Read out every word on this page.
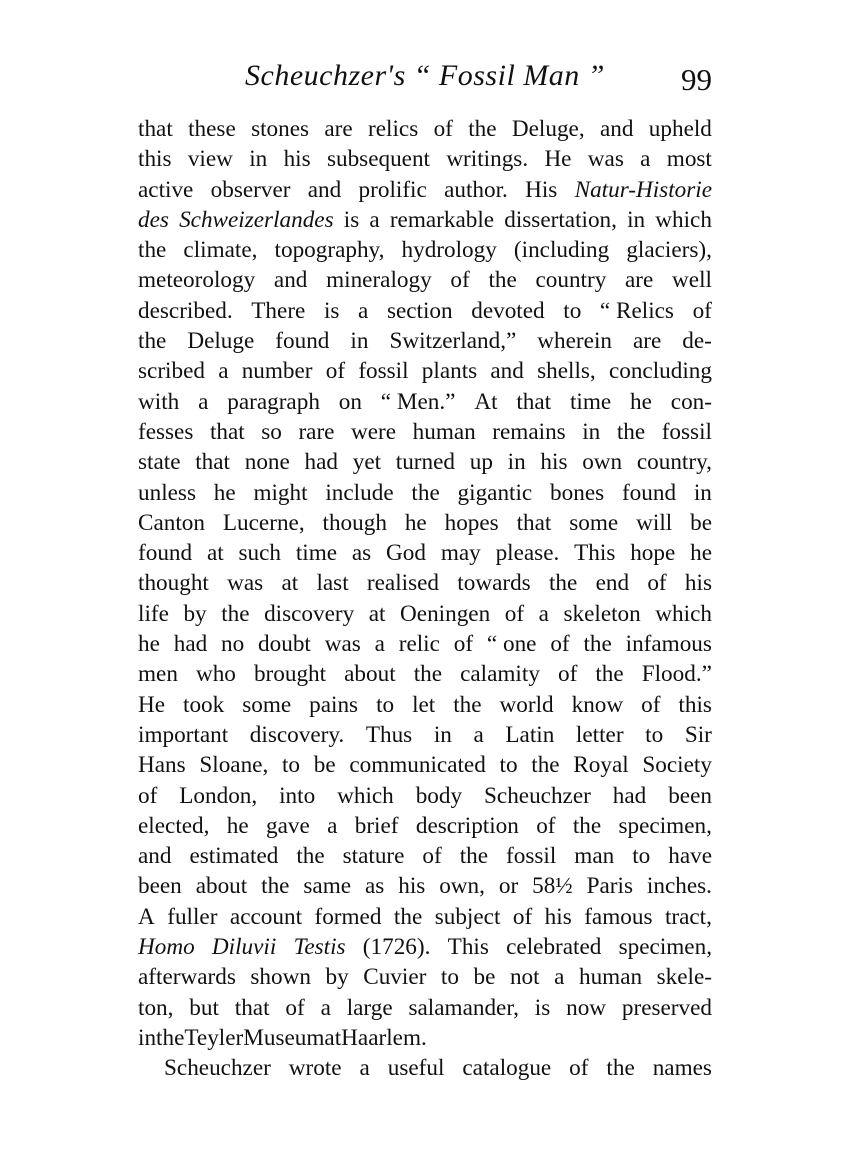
Scheuchzer's “ Fossil Man ”	99
that these stones are relics of the Deluge, and upheld
this view in his subsequent writings. He was a most
active observer and prolific author. His Natur-Historie
des Schweizerlandes is a remarkable dissertation, in which
the climate, topography, hydrology (including glaciers),
meteorology and mineralogy of the country are well
described. There is a section devoted to “ Relics of
the Deluge found in Switzerland,” wherein are de-
scribed a number of fossil plants and shells, concluding
with a paragraph on “ Men.” At that time he con-
fesses that so rare were human remains in the fossil
state that none had yet turned up in his own country,
unless he might include the gigantic bones found in
Canton Lucerne, though he hopes that some will be
found at such time as God may please. This hope he
thought was at last realised towards the end of his
life by the discovery at Oeningen of a skeleton which
he had no doubt was a relic of “ one of the infamous
men who brought about the calamity of the Flood.”
He took some pains to let the world know of this
important discovery. Thus in a Latin letter to Sir
Hans Sloane, to be communicated to the Royal Society
of London, into which body Scheuchzer had been
elected, he gave a brief description of the specimen,
and estimated the stature of the fossil man to have
been about the same as his own, or 58½ Paris inches.
A fuller account formed the subject of his famous tract,
Homo Diluvii Testis (1726). This celebrated specimen,
afterwards shown by Cuvier to be not a human skele-
ton, but that of a large salamander, is now preserved
in the Teyler Museum at Haarlem.
Scheuchzer wrote a useful catalogue of the names
